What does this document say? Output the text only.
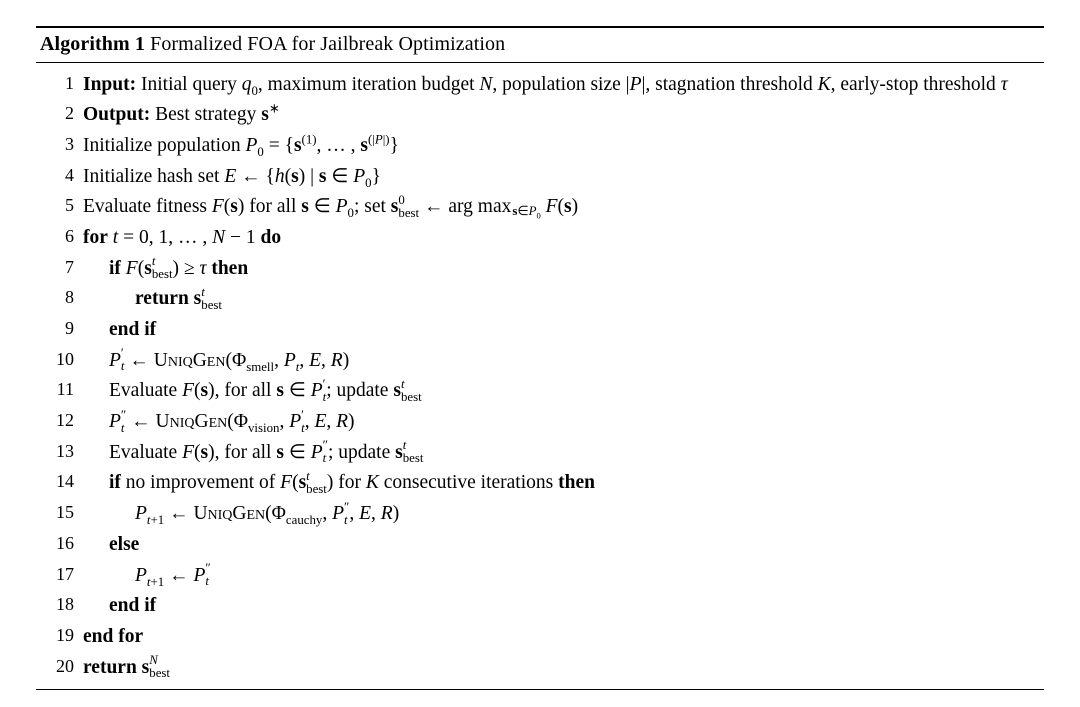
Algorithm 1 Formalized FOA for Jailbreak Optimization
1 Input: Initial query $q_0$, maximum iteration budget N, population size |P|, stagnation threshold K, early-stop threshold τ
2 Output: Best strategy s∗
3 Initialize population $P_0 = \{s^{(1)}$, … , $s^{(|P|)}$}
4 Initialize hash set E ← {h(s) | s ∈ $P_0$}
5 Evaluate fitness F(s) for all s ∈ $P_0$; set s 0
best ← arg $\max s\in P_0$ F(s)
6 for t = 0, 1, … , N − 1 do
7	if F(s t
best ) ≥ τ then
8	return s t
best
9	end if
10	P ′
t ← $UniqGen(\Phi_{smell}$, $P_t$, E, R)
11	Evaluate F(s), for all s ∈ P ′
t ; update s t
best
12	P ″
t ← $UniqGen(\Phi_{vision}$, P ′
t , E, R)
13	Evaluate F(s), for all s ∈ P ″
t ; update s t
best
14	if no improvement of F(s t
best ) for K consecutive iterations then
15	$P_{t+1}$ ← $UniqGen(\Phi_{cauchy}$, P ″
t , E, R)
16	else
17	$P_{t+1}$ ← P ″
t
18	end if
19 end for
20 return s N
best
